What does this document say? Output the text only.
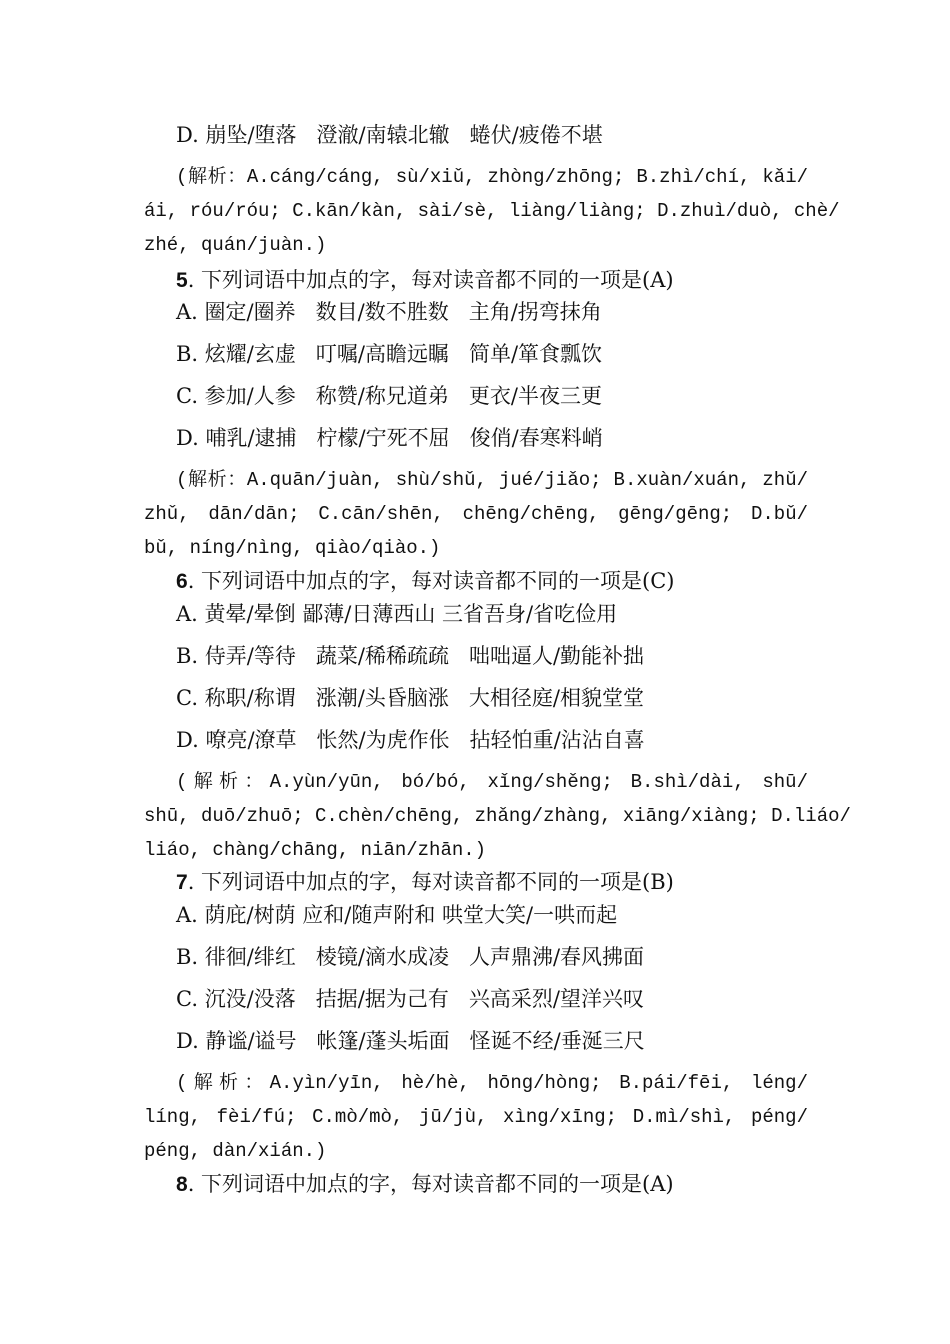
D. 崩坠/堕落   澄澈/南辕北辙   蜷伏/疲倦不堪
(解析：A.cáng/cáng, sù/xiǔ, zhòng/zhōng; B.zhì/chí, kǎi/
ái, róu/róu; C.kān/kàn, sài/sè, liàng/liàng; D.zhuì/duò, chè/
zhé, quán/juàn.)
5. 下列词语中加点的字，每对读音都不同的一项是(A)
A. 圈定/圈养   数目/数不胜数   主角/拐弯抹角
B. 炫耀/玄虚   叮嘱/高瞻远瞩   简单/箪食瓢饮
C. 参加/人参   称赞/称兄道弟   更衣/半夜三更
D. 哺乳/逮捕   柠檬/宁死不屈   俊俏/春寒料峭
(解析：A.quān/juàn, shù/shǔ, jué/jiǎo; B.xuàn/xuán, zhǔ/
zhǔ, dān/dān; C.cān/shēn, chēng/chēng, gēng/gēng; D.bǔ/
bǔ, níng/nìng, qiào/qiào.)
6. 下列词语中加点的字，每对读音都不同的一项是(C)
A. 黄晕/晕倒 鄙薄/日薄西山 三省吾身/省吃俭用
B. 侍弄/等待   蔬菜/稀稀疏疏   咄咄逼人/勤能补拙
C. 称职/称谓   涨潮/头昏脑涨   大相径庭/相貌堂堂
D. 嘹亮/潦草   怅然/为虎作伥   拈轻怕重/沾沾自喜
(解析：A.yùn/yūn, bó/bó, xǐng/shěng; B.shì/dài, shū/
shū, duō/zhuō; C.chèn/chēng, zhǎng/zhàng, xiāng/xiàng; D.liáo/
liáo, chàng/chāng, niān/zhān.)
7. 下列词语中加点的字，每对读音都不同的一项是(B)
A. 荫庇/树荫 应和/随声附和 哄堂大笑/一哄而起
B. 徘徊/绯红   棱镜/滴水成凌   人声鼎沸/春风拂面
C. 沉没/没落   拮据/据为己有   兴高采烈/望洋兴叹
D. 静谧/谥号   帐篷/蓬头垢面   怪诞不经/垂涎三尺
(解析：A.yìn/yīn, hè/hè, hōng/hòng; B.pái/fēi, léng/
líng, fèi/fú; C.mò/mò, jū/jù, xìng/xīng; D.mì/shì, péng/
péng, dàn/xián.)
8. 下列词语中加点的字，每对读音都不同的一项是(A)
